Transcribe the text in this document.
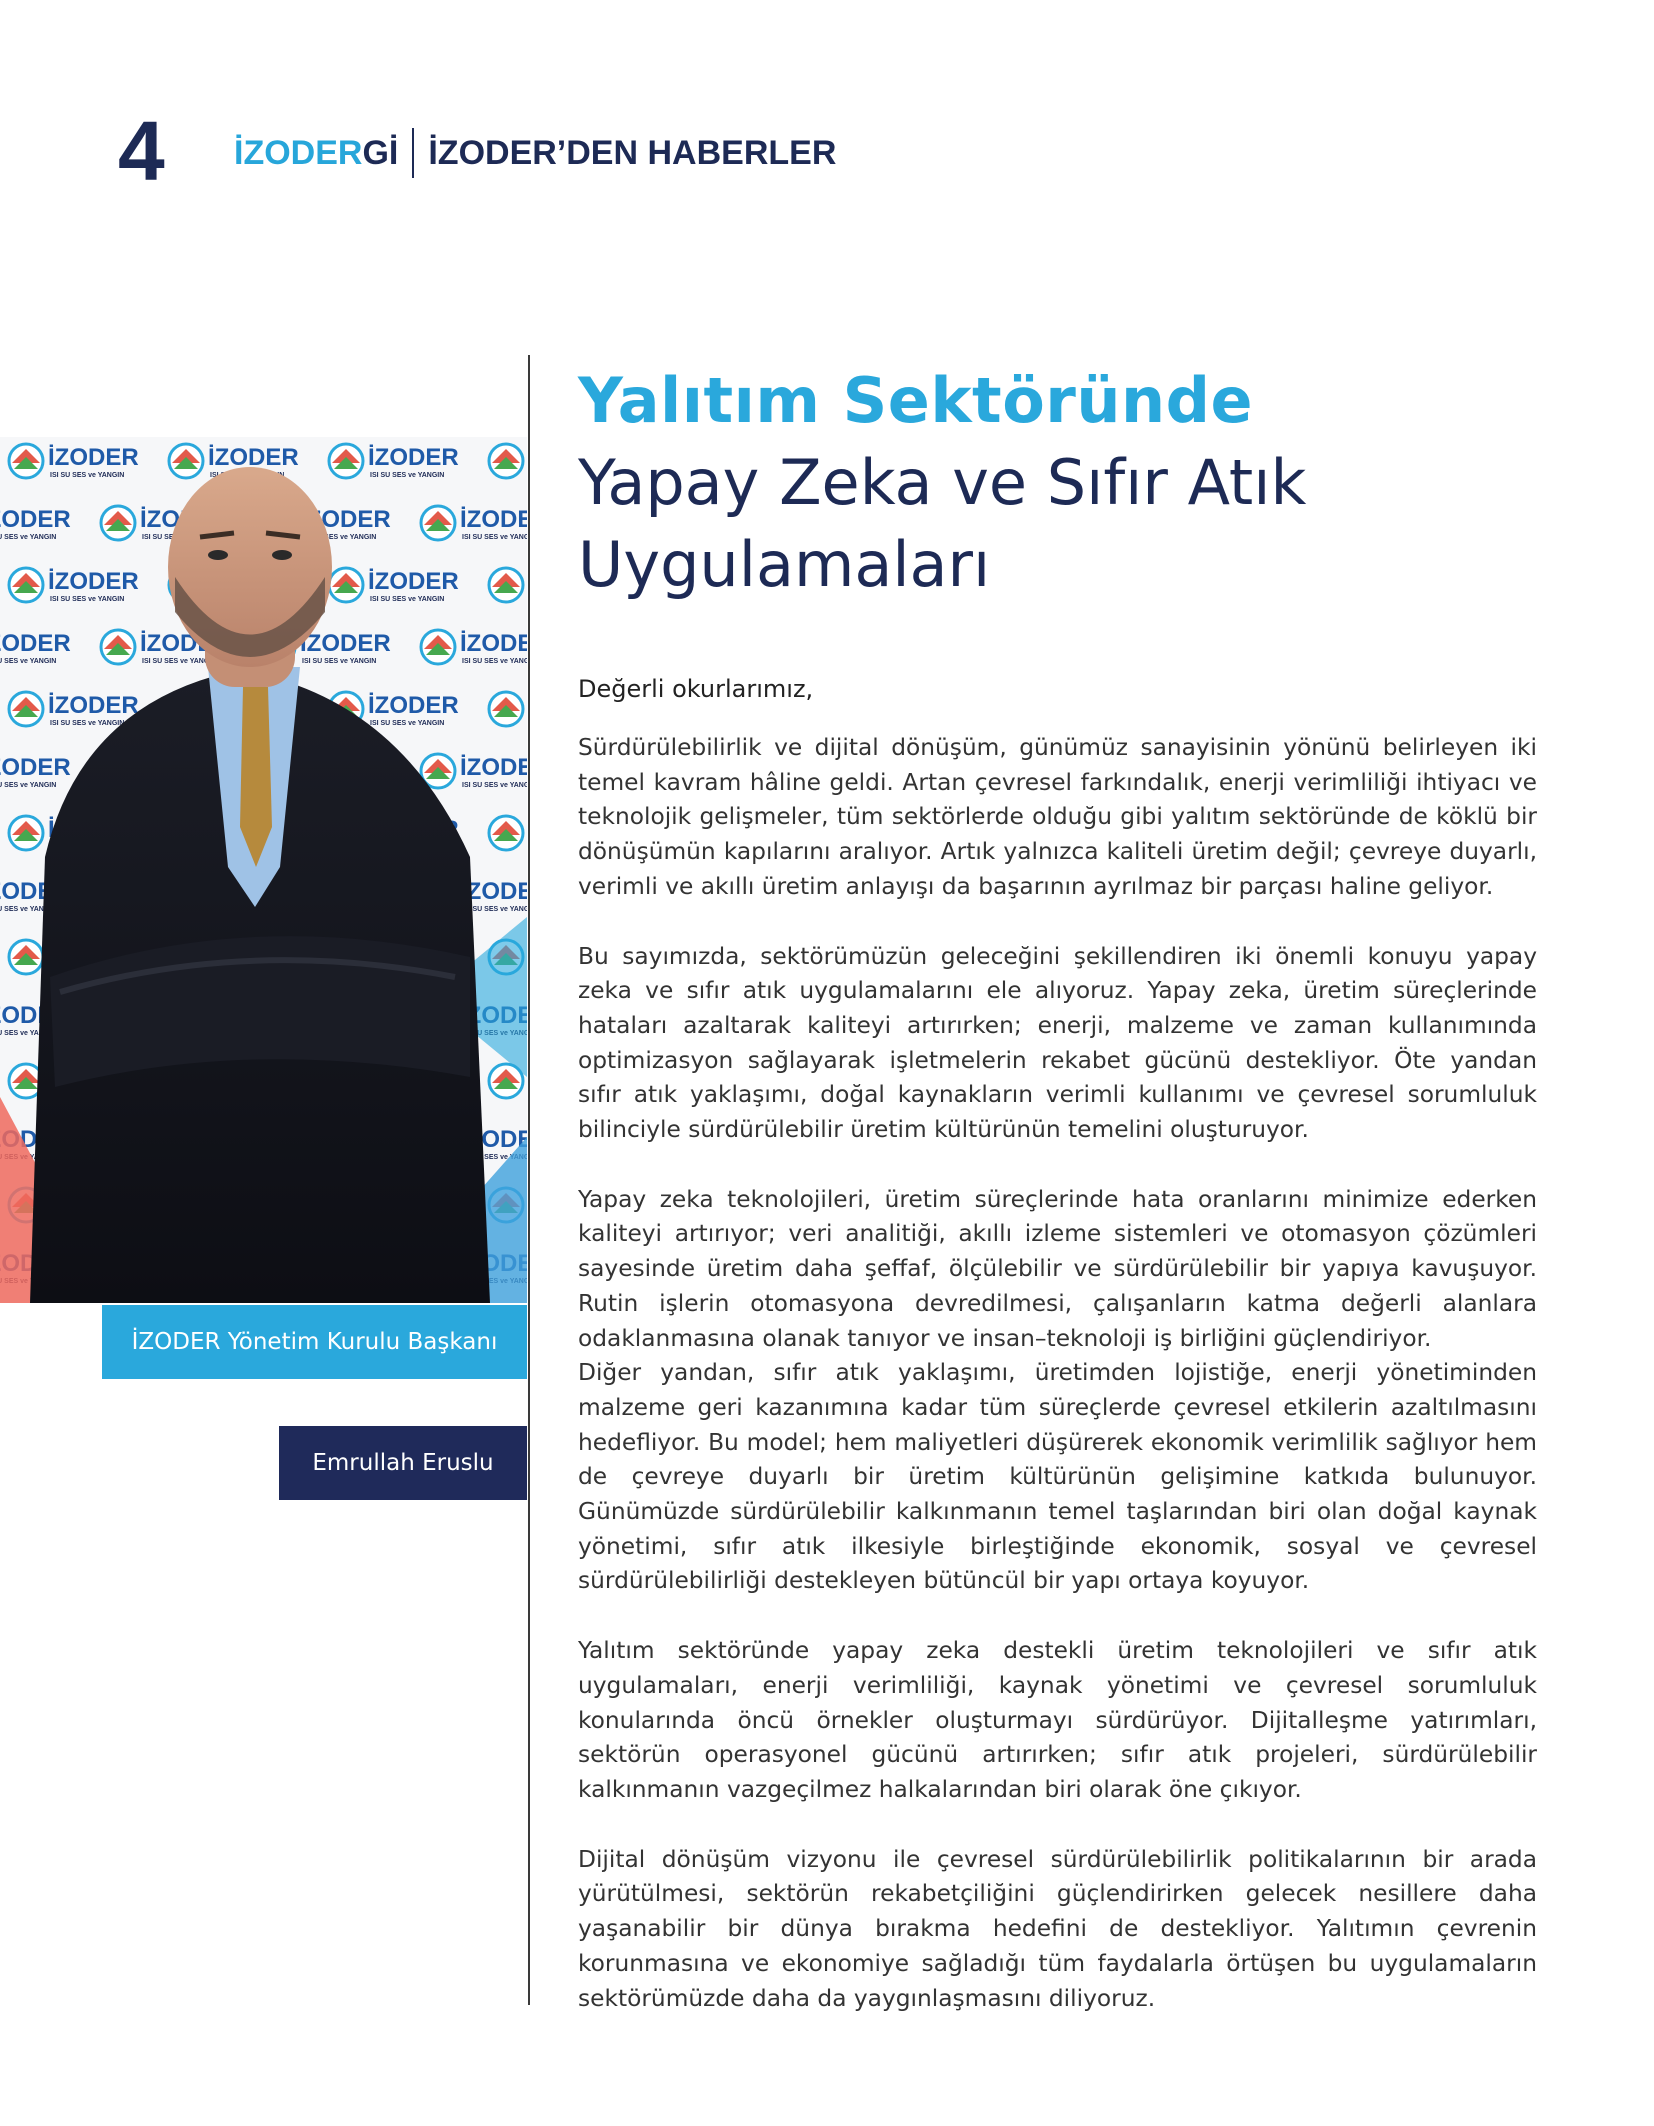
4 İZODER Gİ İZODER’DEN HABERLER
İZODER Yönetim Kurulu Başkanı
Emrullah Eruslu
Yalıtım Sektöründe
Yapay Zeka ve Sıfır Atık
Uygulamaları
Değerli okurlarımız,

Sürdürülebilirlik ve dijital dönüşüm, günümüz sanayisinin yönünü belirleyen iki temel kavram hâline geldi. Artan çevresel farkındalık, enerji verimliliği ihtiyacı ve teknolojik gelişmeler, tüm sektörlerde olduğu gibi yalıtım sektöründe de köklü bir dönüşümün kapılarını aralıyor. Artık yalnızca kaliteli üretim değil; çevreye duyarlı, verimli ve akıllı üretim anlayışı da başarının ayrılmaz bir parçası haline geliyor.

Bu sayımızda, sektörümüzün geleceğini şekillendiren iki önemli konuyu yapay zeka ve sıfır atık uygulamalarını ele alıyoruz. Yapay zeka, üretim süreçlerinde hataları azaltarak kaliteyi artırırken; enerji, malzeme ve zaman kullanımında optimizasyon sağlayarak işletmelerin rekabet gücünü destekliyor. Öte yandan sıfır atık yaklaşımı, doğal kaynakların verimli kullanımı ve çevresel sorumluluk bilinciyle sürdürülebilir üretim kültürünün temelini oluşturuyor.

Yapay zeka teknolojileri, üretim süreçlerinde hata oranlarını minimize ederken kaliteyi artırıyor; veri analitiği, akıllı izleme sistemleri ve otomasyon çözümleri sayesinde üretim daha şeffaf, ölçülebilir ve sürdürülebilir bir yapıya kavuşuyor. Rutin işlerin otomasyona devredilmesi, çalışanların katma değerli alanlara odaklanmasına olanak tanıyor ve insan–teknoloji iş birliğini güçlendiriyor.

Diğer yandan, sıfır atık yaklaşımı, üretimden lojistiğe, enerji yönetiminden malzeme geri kazanımına kadar tüm süreçlerde çevresel etkilerin azaltılmasını hedefliyor. Bu model; hem maliyetleri düşürerek ekonomik verimlilik sağlıyor hem de çevreye duyarlı bir üretim kültürünün gelişimine katkıda bulunuyor. Günümüzde sürdürülebilir kalkınmanın temel taşlarından biri olan doğal kaynak yönetimi, sıfır atık ilkesiyle birleştiğinde ekonomik, sosyal ve çevresel sürdürülebilirliği destekleyen bütüncül bir yapı ortaya koyuyor.

Yalıtım sektöründe yapay zeka destekli üretim teknolojileri ve sıfır atık uygulamaları, enerji verimliliği, kaynak yönetimi ve çevresel sorumluluk konularında öncü örnekler oluşturmayı sürdürüyor. Dijitalleşme yatırımları, sektörün operasyonel gücünü artırırken; sıfır atık projeleri, sürdürülebilir kalkınmanın vazgeçilmez halkalarından biri olarak öne çıkıyor.

Dijital dönüşüm vizyonu ile çevresel sürdürülebilirlik politikalarının bir arada yürütülmesi, sektörün rekabetçiliğini güçlendirirken gelecek nesillere daha yaşanabilir bir dünya bırakma hedefini de destekliyor. Yalıtımın çevrenin korunmasına ve ekonomiye sağladığı tüm faydalarla örtüşen bu uygulamaların sektörümüzde daha da yaygınlaşmasını diliyoruz.
